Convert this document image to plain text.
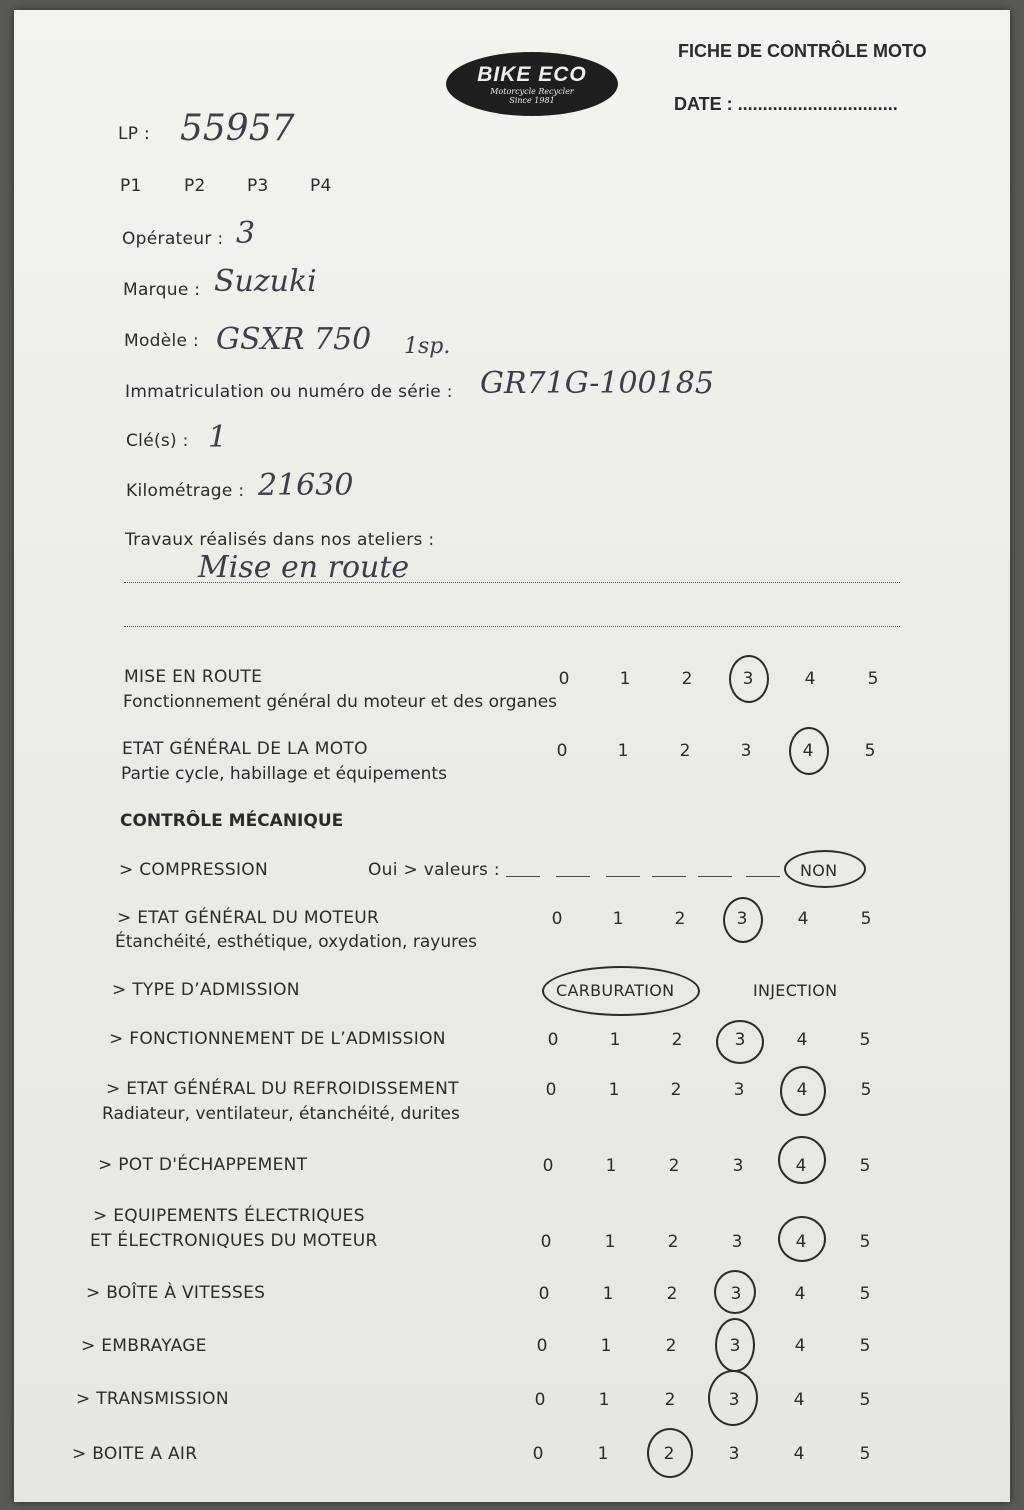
BIKE ECO
Motorcycle Recycler
Since 1981
FICHE DE CONTRÔLE MOTO
DATE : ................................
LP : 55957
P1 P2 P3 P4
Opérateur : 3
Marque : Suzuki
Modèle : GSXR 750 1sp.
Immatriculation ou numéro de série : GR71G-100185
Clé(s) : 1
Kilométrage : 21630
Travaux réalisés dans nos ateliers :
Mise en route
MISE EN ROUTE
Fonctionnement général du moteur et des organes
0	1	2	3	4	5
ETAT GÉNÉRAL DE LA MOTO
Partie cycle, habillage et équipements
0	1	2	3	4	5
CONTRÔLE MÉCANIQUE
> COMPRESSION	Oui > valeurs :	NON
> ETAT GÉNÉRAL DU MOTEUR
Étanchéité, esthétique, oxydation, rayures
0	1	2	3	4	5
> TYPE D’ADMISSION	CARBURATION	INJECTION
> FONCTIONNEMENT DE L’ADMISSION	0	1	2	3	4	5
> ETAT GÉNÉRAL DU REFROIDISSEMENT
Radiateur, ventilateur, étanchéité, durites
0	1	2	3	4	5
> POT D'ÉCHAPPEMENT	0	1	2	3	4	5
> EQUIPEMENTS ÉLECTRIQUES
ET ÉLECTRONIQUES DU MOTEUR	0	1	2	3	4	5
> BOÎTE À VITESSES	0	1	2	3	4	5
> EMBRAYAGE	0	1	2	3	4	5
> TRANSMISSION	0	1	2	3	4	5
> BOITE A AIR	0	1	2	3	4	5
